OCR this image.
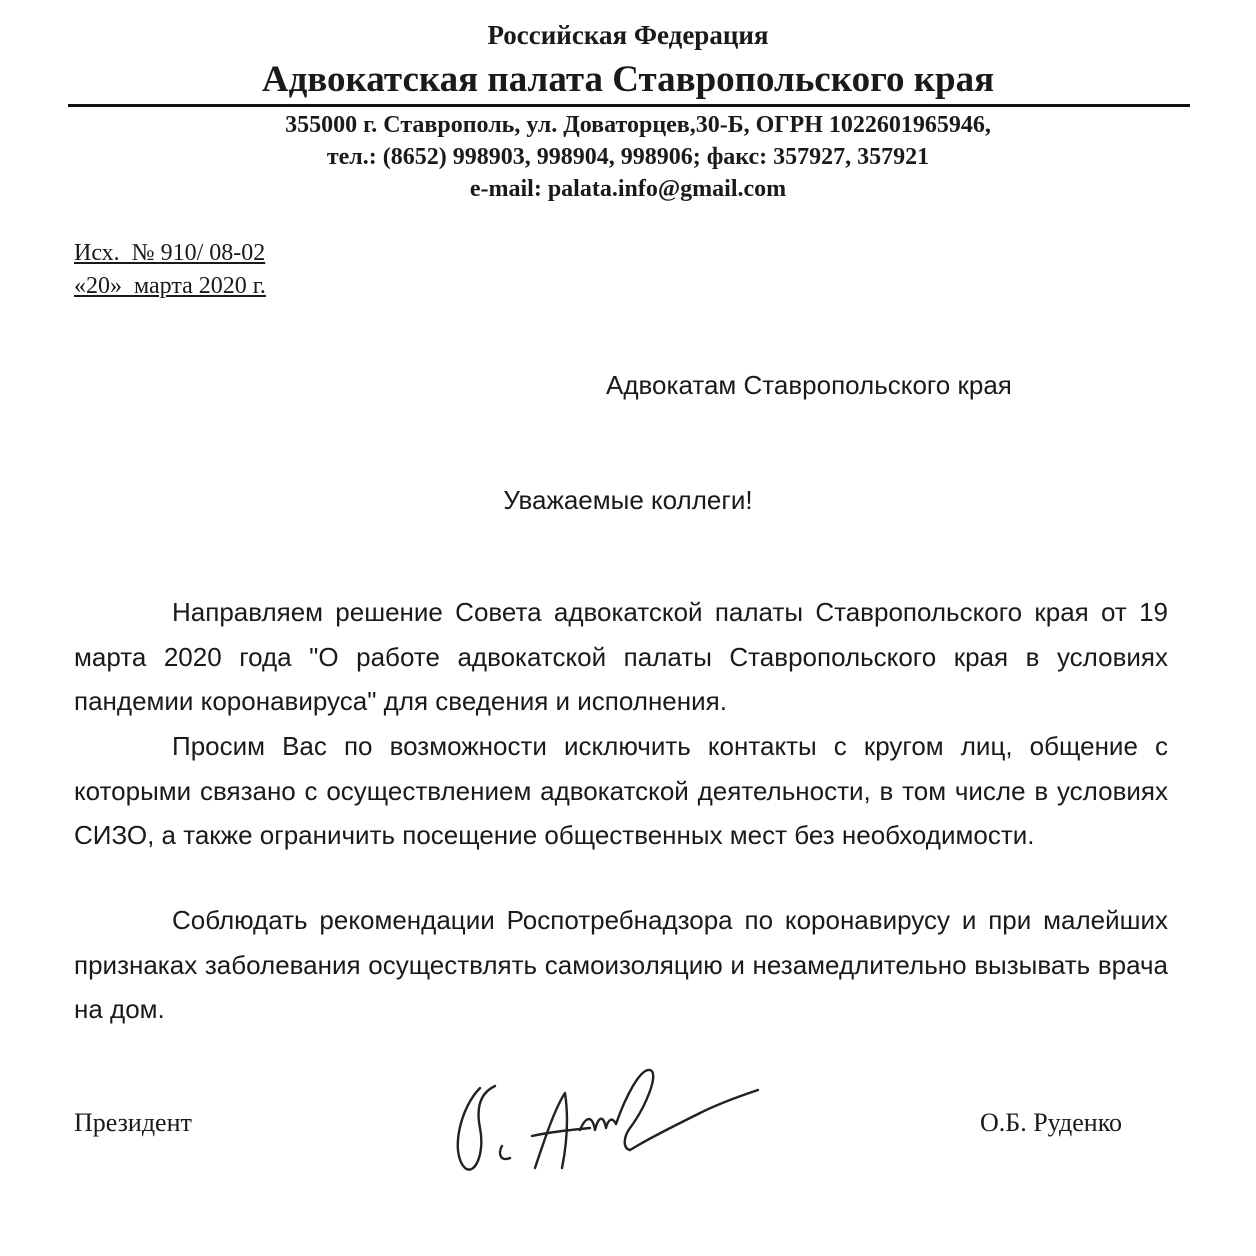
Российская Федерация
Адвокатская палата Ставропольского края
355000 г. Ставрополь, ул. Доваторцев,30-Б, ОГРН 1022601965946,
тел.: (8652) 998903, 998904, 998906; факс: 357927, 357921
e-mail: palata.info@gmail.com
Исх.  № 910/ 08-02
«20»  марта 2020 г.
Адвокатам Ставропольского края
Уважаемые коллеги!
Направляем решение Совета адвокатской палаты Ставропольского края от 19 марта 2020 года "О работе адвокатской палаты Ставропольского края в условиях пандемии коронавируса" для сведения и исполнения.
Просим Вас по возможности исключить контакты с кругом лиц, общение с которыми связано с осуществлением адвокатской деятельности, в том числе в условиях СИЗО, а также ограничить посещение общественных мест без необходимости.
Соблюдать рекомендации Роспотребнадзора по коронавирусу и при малейших признаках заболевания осуществлять самоизоляцию и незамедлительно вызывать врача на дом.
Президент	О.Б. Руденко
